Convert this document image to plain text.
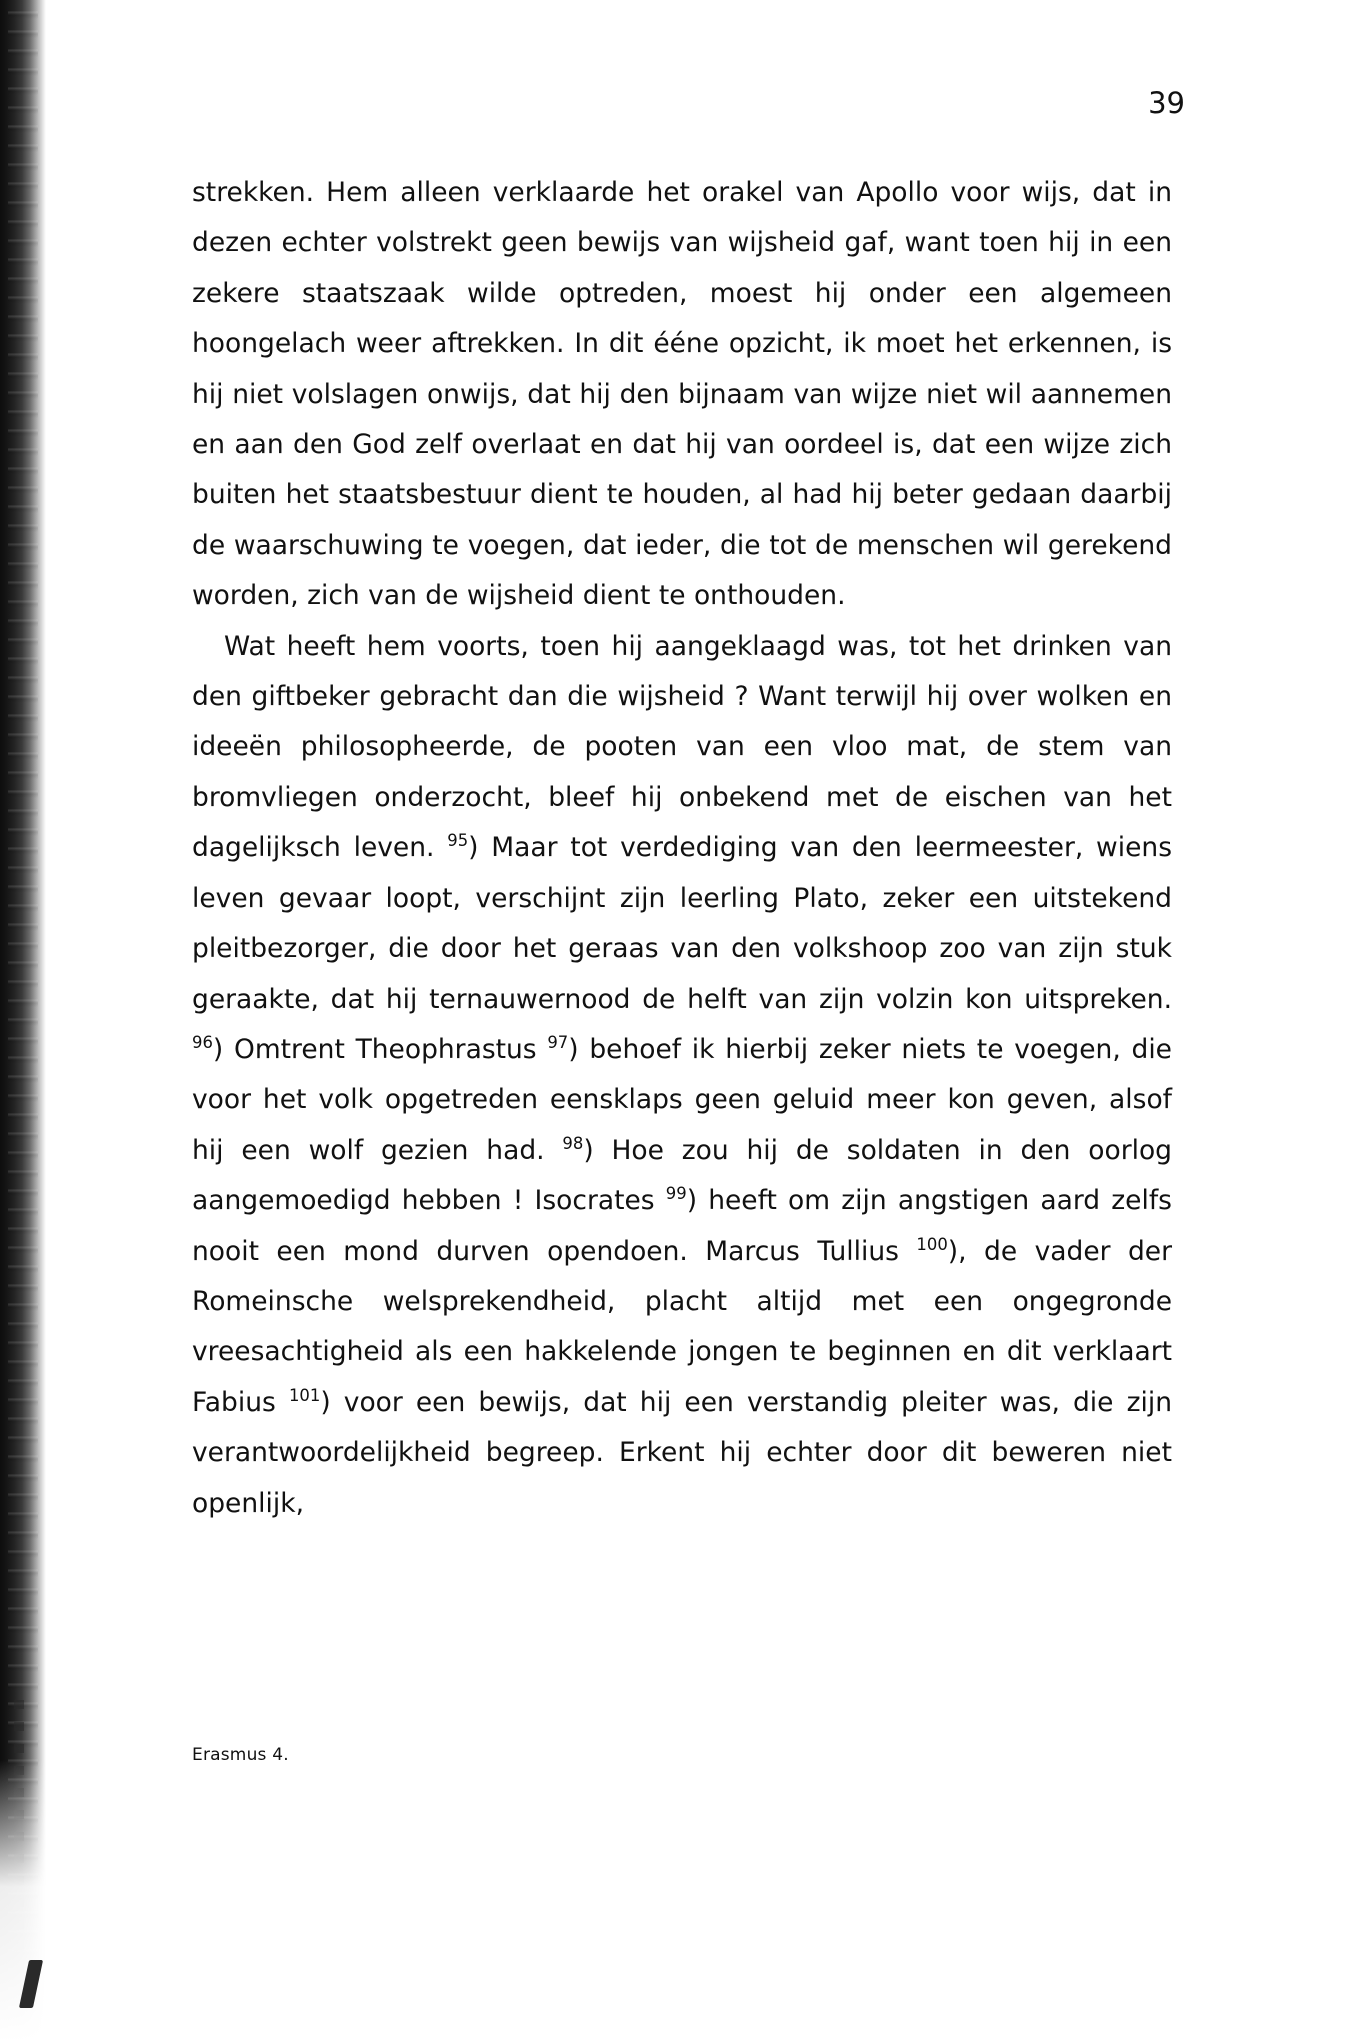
39

strekken. Hem alleen verklaarde het orakel van Apollo voor wijs, dat in dezen echter volstrekt geen bewijs van wijsheid gaf, want toen hij in een zekere staatszaak wilde optreden, moest hij onder een algemeen hoongelach weer aftrekken. In dit ééne opzicht, ik moet het erkennen, is hij niet volslagen onwijs, dat hij den bijnaam van wijze niet wil aannemen en aan den God zelf overlaat en dat hij van oordeel is, dat een wijze zich buiten het staatsbestuur dient te houden, al had hij beter gedaan daarbij de waarschuwing te voegen, dat ieder, die tot de menschen wil gerekend worden, zich van de wijsheid dient te onthouden.

Wat heeft hem voorts, toen hij aangeklaagd was, tot het drinken van den giftbeker gebracht dan die wijsheid ? Want terwijl hij over wolken en ideeën philosopheerde, de pooten van een vloo mat, de stem van bromvliegen onderzocht, bleef hij onbekend met de eischen van het dagelijksch leven. $^{95}$) Maar tot verdediging van den leermeester, wiens leven gevaar loopt, verschijnt zijn leerling Plato, zeker een uitstekend pleitbezorger, die door het geraas van den volkshoop zoo van zijn stuk geraakte, dat hij ternauwernood de helft van zijn volzin kon uitspreken. $^{96}$) Omtrent Theophrastus $^{97}$) behoef ik hierbij zeker niets te voegen, die voor het volk opgetreden eensklaps geen geluid meer kon geven, alsof hij een wolf gezien had. $^{98}$) Hoe zou hij de soldaten in den oorlog aangemoedigd hebben ! Isocrates $^{99}$) heeft om zijn angstigen aard zelfs nooit een mond durven opendoen. Marcus Tullius $^{100}$), de vader der Romeinsche welsprekendheid, placht altijd met een ongegronde vreesachtigheid als een hakkelende jongen te beginnen en dit verklaart Fabius $^{101}$) voor een bewijs, dat hij een verstandig pleiter was, die zijn verantwoordelijkheid begreep. Erkent hij echter door dit beweren niet openlijk,

Erasmus 4.
